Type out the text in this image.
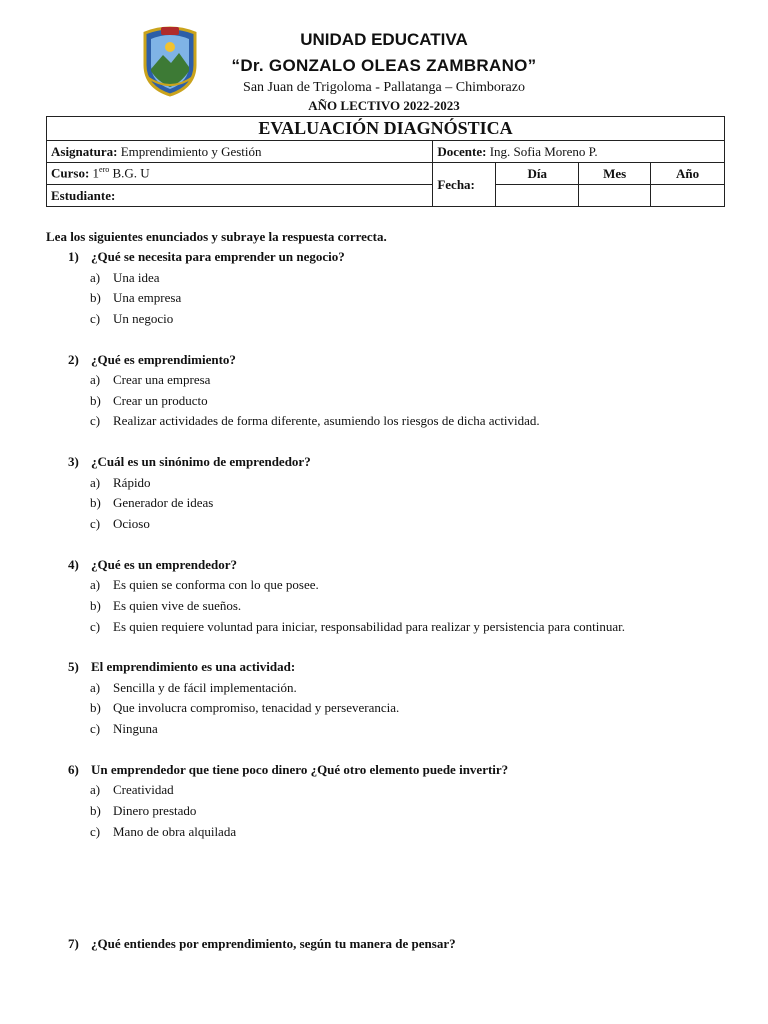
UNIDAD EDUCATIVA
“Dr. GONZALO OLEAS ZAMBRANO”
San Juan de Trigoloma - Pallatanga – Chimborazo
AÑO LECTIVO 2022-2023
EVALUACIÓN DIAGNÓSTICA				
Asignatura: Emprendimiento y Gestión	Docente: Ing. Sofia Moreno P.			
Curso: $1^{ero}$ B.G. U	Fecha:	Día	Mes	Año
Estudiante:				
Lea los siguientes enunciados y subraye la respuesta correcta.
1) ¿Qué se necesita para emprender un negocio?
a) Una idea
b) Una empresa
c) Un negocio
2) ¿Qué es emprendimiento?
a) Crear una empresa
b) Crear un producto
c) Realizar actividades de forma diferente, asumiendo los riesgos de dicha actividad.
3) ¿Cuál es un sinónimo de emprendedor?
a) Rápido
b) Generador de ideas
c) Ocioso
4) ¿Qué es un emprendedor?
a) Es quien se conforma con lo que posee.
b) Es quien vive de sueños.
c) Es quien requiere voluntad para iniciar, responsabilidad para realizar y persistencia para continuar.
5) El emprendimiento es una actividad:
a) Sencilla y de fácil implementación.
b) Que involucra compromiso, tenacidad y perseverancia.
c) Ninguna
6) Un emprendedor que tiene poco dinero ¿Qué otro elemento puede invertir?
a) Creatividad
b) Dinero prestado
c) Mano de obra alquilada
7) ¿Qué entiendes por emprendimiento, según tu manera de pensar?
